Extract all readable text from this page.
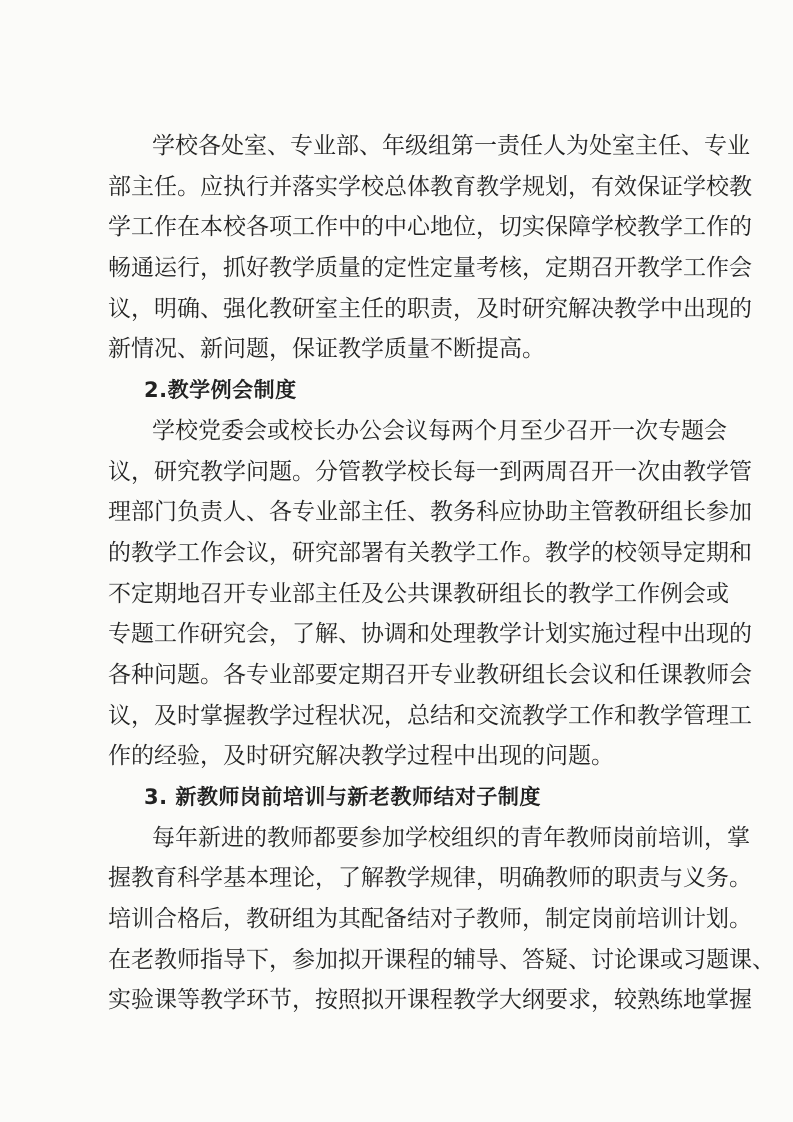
学校各处室、专业部、年级组第一责任人为处室主任、专业
部主任。应执行并落实学校总体教育教学规划，有效保证学校教
学工作在本校各项工作中的中心地位，切实保障学校教学工作的
畅通运行，抓好教学质量的定性定量考核，定期召开教学工作会
议，明确、强化教研室主任的职责，及时研究解决教学中出现的
新情况、新问题，保证教学质量不断提高。
2.教学例会制度
学校党委会或校长办公会议每两个月至少召开一次专题会
议，研究教学问题。分管教学校长每一到两周召开一次由教学管
理部门负责人、各专业部主任、教务科应协助主管教研组长参加
的教学工作会议，研究部署有关教学工作。教学的校领导定期和
不定期地召开专业部主任及公共课教研组长的教学工作例会或
专题工作研究会，了解、协调和处理教学计划实施过程中出现的
各种问题。各专业部要定期召开专业教研组长会议和任课教师会
议，及时掌握教学过程状况，总结和交流教学工作和教学管理工
作的经验，及时研究解决教学过程中出现的问题。
3. 新教师岗前培训与新老教师结对子制度
每年新进的教师都要参加学校组织的青年教师岗前培训，掌
握教育科学基本理论，了解教学规律，明确教师的职责与义务。
培训合格后，教研组为其配备结对子教师，制定岗前培训计划。
在老教师指导下，参加拟开课程的辅导、答疑、讨论课或习题课、
实验课等教学环节，按照拟开课程教学大纲要求，较熟练地掌握
